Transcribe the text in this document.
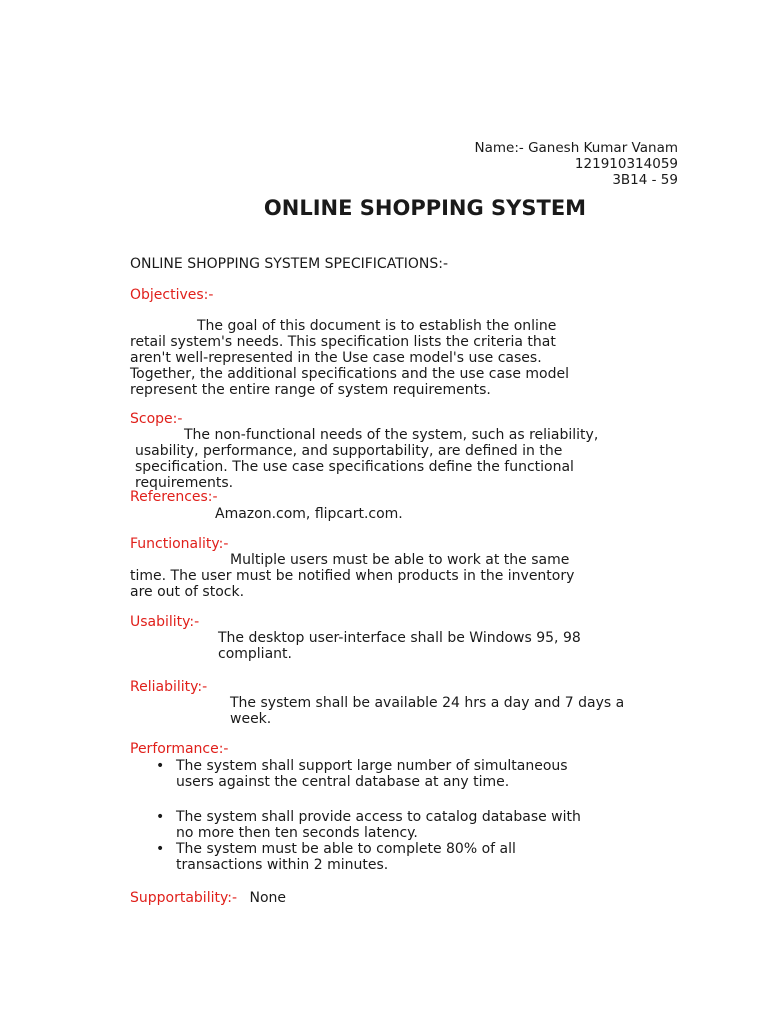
Name:- Ganesh Kumar Vanam
121910314059
3B14 - 59
ONLINE SHOPPING SYSTEM
ONLINE SHOPPING SYSTEM SPECIFICATIONS:-
Objectives:-
The goal of this document is to establish the online
retail system's needs. This specification lists the criteria that
aren't well-represented in the Use case model's use cases.
Together, the additional specifications and the use case model
represent the entire range of system requirements.
Scope:-
The non-functional needs of the system, such as reliability,
usability, performance, and supportability, are defined in the
specification. The use case specifications define the functional
requirements.
References:-
Amazon.com, flipcart.com.
Functionality:-
Multiple users must be able to work at the same
time. The user must be notified when products in the inventory
are out of stock.
Usability:-
The desktop user-interface shall be Windows 95, 98
compliant.
Reliability:-
The system shall be available 24 hrs a day and 7 days a
week.
Performance:-
• The system shall support large number of simultaneous
users against the central database at any time.
• The system shall provide access to catalog database with
no more then ten seconds latency.
• The system must be able to complete 80% of all
transactions within 2 minutes.
Supportability:- None
